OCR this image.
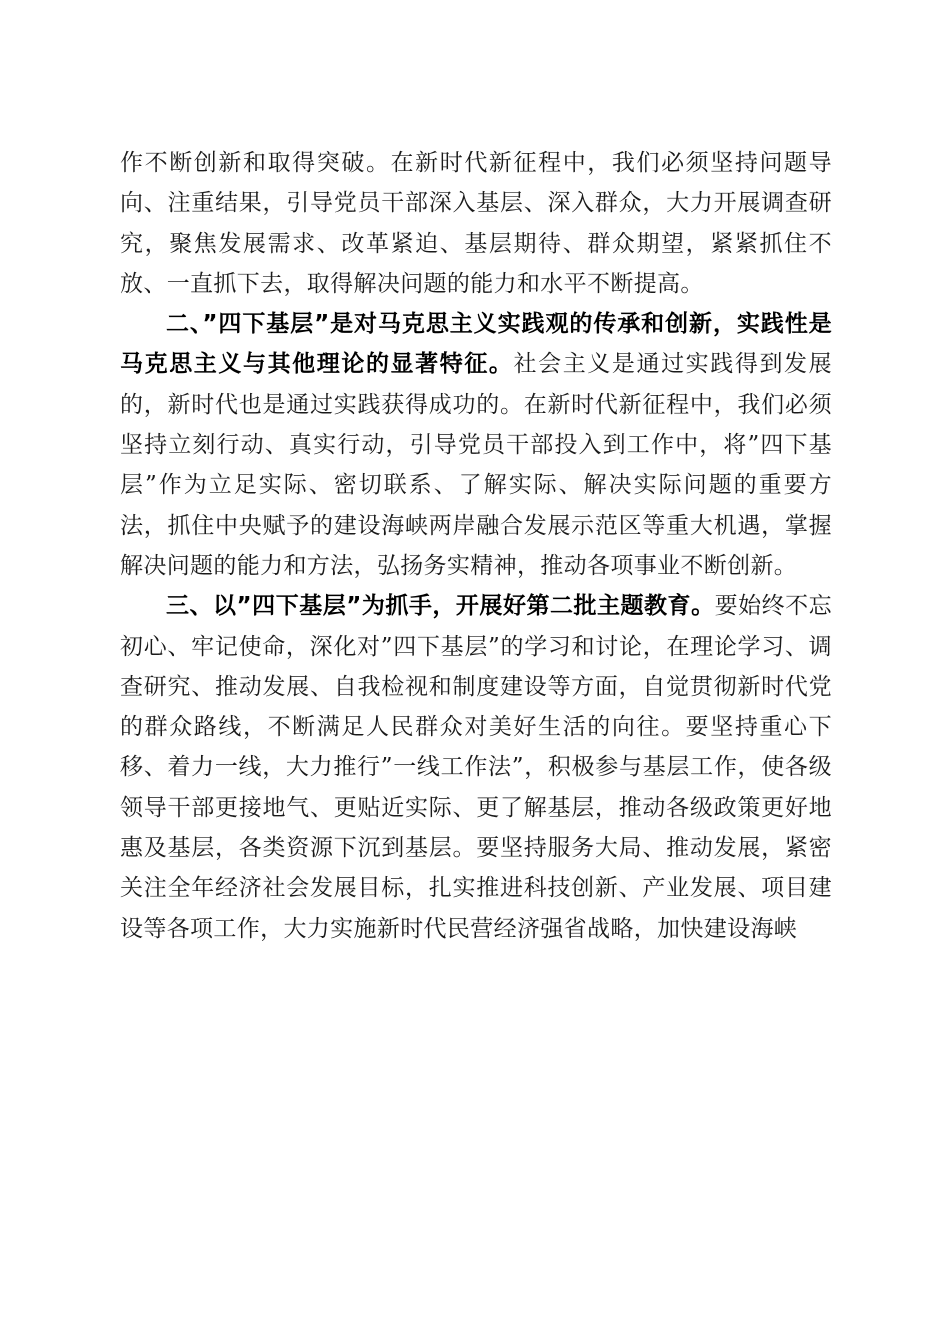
作不断创新和取得突破。在新时代新征程中，我们必须坚持问题导向、注重结果，引导党员干部深入基层、深入群众，大力开展调查研究，聚焦发展需求、改革紧迫、基层期待、群众期望，紧紧抓住不放、一直抓下去，取得解决问题的能力和水平不断提高。

二、”四下基层”是对马克思主义实践观的传承和创新，实践性是马克思主义与其他理论的显著特征。社会主义是通过实践得到发展的，新时代也是通过实践获得成功的。在新时代新征程中，我们必须坚持立刻行动、真实行动，引导党员干部投入到工作中，将”四下基层”作为立足实际、密切联系、了解实际、解决实际问题的重要方法，抓住中央赋予的建设海峡两岸融合发展示范区等重大机遇，掌握解决问题的能力和方法，弘扬务实精神，推动各项事业不断创新。

三、以”四下基层”为抓手，开展好第二批主题教育。要始终不忘初心、牢记使命，深化对”四下基层”的学习和讨论，在理论学习、调查研究、推动发展、自我检视和制度建设等方面，自觉贯彻新时代党的群众路线，不断满足人民群众对美好生活的向往。要坚持重心下移、着力一线，大力推行”一线工作法”，积极参与基层工作，使各级领导干部更接地气、更贴近实际、更了解基层，推动各级政策更好地惠及基层，各类资源下沉到基层。要坚持服务大局、推动发展，紧密关注全年经济社会发展目标，扎实推进科技创新、产业发展、项目建设等各项工作，大力实施新时代民营经济强省战略，加快建设海峡
